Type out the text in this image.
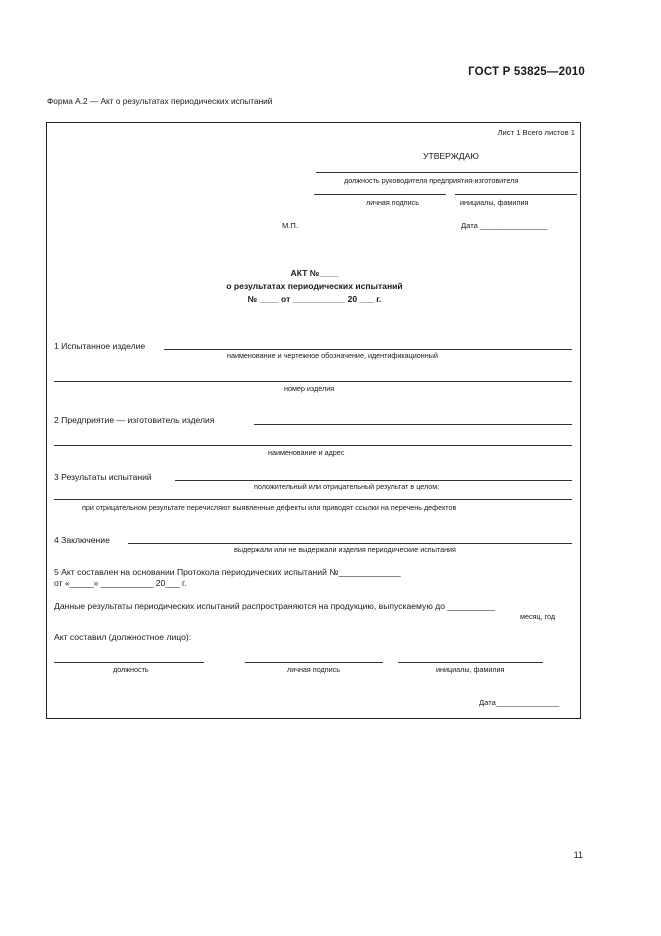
ГОСТ Р 53825—2010
Форма А.2 — Акт о результатах периодических испытаний
Лист 1 Всего листов 1
УТВЕРЖДАЮ
должность руководителя предприятия-изготовителя
личная подпись	инициалы, фамилия
М.П.	Дата ________________
АКТ №____
о результатах периодических испытаний
№ ____ от ___________ 20 ___ г.
1 Испытанное изделие
наименование и чертежное обозначение, идентификационный
номер изделия
2 Предприятие — изготовитель изделия
наименование и адрес
3 Результаты испытаний
положительный или отрицательный результат в целом;
при отрицательном результате перечисляют выявленные дефекты или приводят ссылки на перечень дефектов
4 Заключение
выдержали или не выдержали изделия периодические испытания
5 Акт составлен на основании Протокола периодических испытаний №_____________
от «_____» ___________ 20___ г.
Данные результаты периодических испытаний распространяются на продукцию, выпускаемую до __________
месяц, год
Акт составил (должностное лицо):
должность	личная подпись	инициалы, фамилия
Дата_______________
11
